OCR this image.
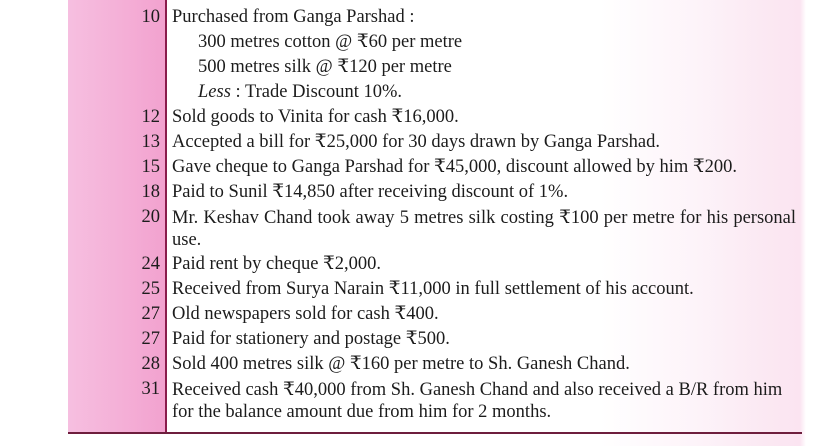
10 Purchased from Ganga Parshad :
300 metres cotton @ ₹60 per metre
500 metres silk @ ₹120 per metre
Less : Trade Discount 10%.
12 Sold goods to Vinita for cash ₹16,000.
13 Accepted a bill for ₹25,000 for 30 days drawn by Ganga Parshad.
15 Gave cheque to Ganga Parshad for ₹45,000, discount allowed by him ₹200.
18 Paid to Sunil ₹14,850 after receiving discount of 1%.
20 Mr. Keshav Chand took away 5 metres silk costing ₹100 per metre for his personal use.
24 Paid rent by cheque ₹2,000.
25 Received from Surya Narain ₹11,000 in full settlement of his account.
27 Old newspapers sold for cash ₹400.
27 Paid for stationery and postage ₹500.
28 Sold 400 metres silk @ ₹160 per metre to Sh. Ganesh Chand.
31 Received cash ₹40,000 from Sh. Ganesh Chand and also received a B/R from him for the balance amount due from him for 2 months.
